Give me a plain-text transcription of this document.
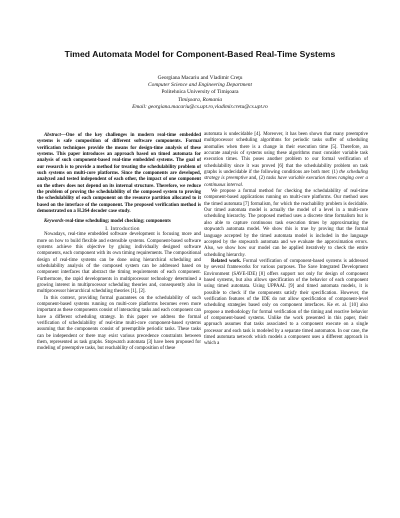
Timed Automata Model for Component-Based Real-Time Systems
Georgiana Macariu and Vladimir Creţu
Computer Science and Engineering Department
Politehnica University of Timişoara
Timişoara, Romania
Email: georgiana.macariu@cs.upt.ro,vladimir.cretu@cs.upt.ro

Abstract—One of the key challenges in modern real-time embedded systems is safe composition of different software components. Formal verification techniques provide the means for design-time analysis of these systems. This paper introduces an approach based on timed automata for analysis of such component-based real-time embedded systems. The goal of our research is to provide a method for treating the schedulability problem of such systems on multi-core platforms. Since the components are developed, analyzed and tested independent of each other, the impact of one component on the others does not depend on its internal structure. Therefore, we reduce the problem of proving the schedulability of the composed system to proving the schedulability of each component on the resource partition allocated to it based on the interface of the component. The proposed verification method is demonstrated on a H.264 decoder case study.

Keywords-real-time scheduling; model checking; components

I. Introduction

Nowadays, real-time embedded software development is focusing more and more on how to build flexible and extensible systems. Component-based software systems achieve this objective by gluing individually designed software components, each component with its own timing requirements. The compositional design of real-time systems can be done using hierarchical scheduling and schedulability analysis of the composed system can be addressed based on component interfaces that abstract the timing requirements of each component. Furthermore, the rapid developments in multiprocessor technology determined a growing interest in multiprocessor scheduling theories and, consequently also in multiprocessor hierarchical scheduling theories [1], [2].

In this context, providing formal guarantees on the schedulability of such component-based systems running on multi-core platforms becomes even more important as these components consist of interacting tasks and each component can have a different scheduling strategy. In this paper we address the formal verification of schedulability of real-time multi-core component-based systems assuming that the components consist of preemptible periodic tasks. These tasks can be independent or there may exist various precedence constraints between them, represented as task graphs. Stopwatch automata [3] have been proposed for modeling of preemptive tasks, but reachability of composition of these

automata is undecidable [4]. Moreover, it has been shown that many preemptive multiprocessor scheduling algorithms for periodic tasks suffer of scheduling anomalies when there is a change in their execution time [5]. Therefore, an accurate analysis of systems using these algorithms must consider variable task execution times. This poses another problem to our formal verification of schedulability since it was proved [6] that the schedulability problem on task graphs is undecidable if the following conditions are both met: (1) the scheduling strategy is preemptive and, (2) tasks have variable execution times ranging over a continuous interval.

We propose a formal method for checking the schedulability of real-time component-based applications running on multi-core platforms. Our method uses the timed automata [7] formalism, for which the reachability problem is decidable. Our timed automata model is actually the model of a level in a multi-core scheduling hierarchy. The proposed method uses a discrete time formalism but is also able to capture continuous task execution times by approximating the stopwatch automata model. We show this is true by proving that the formal language accepted by the timed automata model is included in the language accepted by the stopwatch automata and we evaluate the approximation errors. Also, we show how our model can be applied iteratively to check the entire scheduling hierarchy.

Related work. Formal verification of component-based systems is addressed by several frameworks for various purposes. The Save Integrated Development Environment (SAVE-IDE) [8] offers support not only for design of component based systems, but also allows specification of the behavior of each component using timed automata. Using UPPAAL [9] and timed automata models, it is possible to check if the components satisfy their specification. However, the verification features of the IDE do not allow specification of component-level scheduling strategies based only on component interfaces. Ke et. al. [10] also propose a methodology for formal verification of the timing and reactive behavior of component-based systems. Unlike the work presented in this paper, their approach assumes that tasks associated to a component execute on a single processor and each task is modeled by a separate timed automaton. In our case, the timed automata network which models a component uses a different approach in which a
